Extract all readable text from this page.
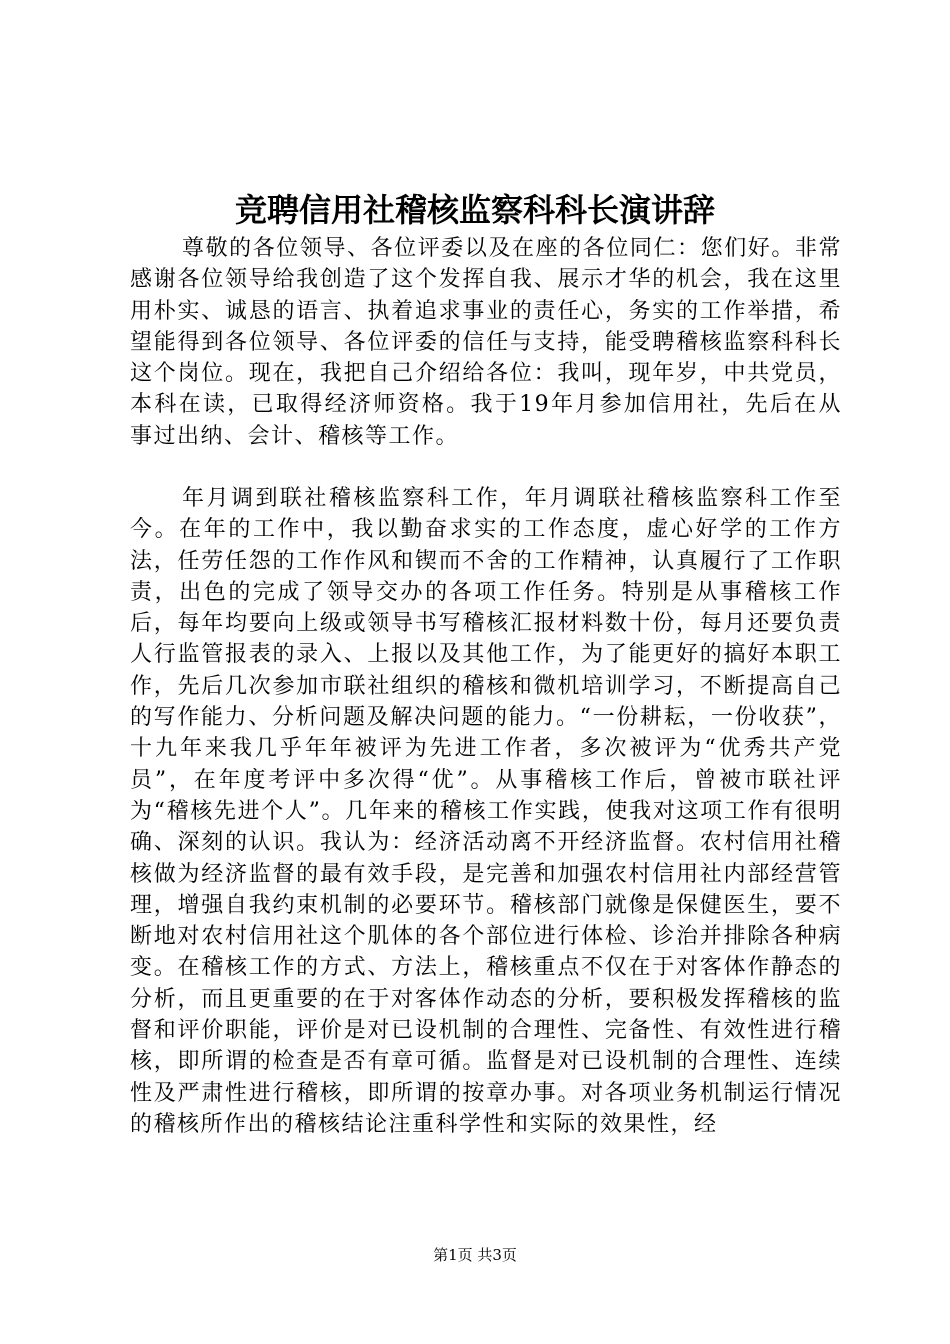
竞聘信用社稽核监察科科长演讲辞

尊敬的各位领导、各位评委以及在座的各位同仁：您们好。非常感谢各位领导给我创造了这个发挥自我、展示才华的机会，我在这里用朴实、诚恳的语言、执着追求事业的责任心，务实的工作举措，希望能得到各位领导、各位评委的信任与支持，能受聘稽核监察科科长这个岗位。现在，我把自己介绍给各位：我叫，现年岁，中共党员，本科在读，已取得经济师资格。我于19年月参加信用社，先后在从事过出纳、会计、稽核等工作。

年月调到联社稽核监察科工作，年月调联社稽核监察科工作至今。在年的工作中，我以勤奋求实的工作态度，虚心好学的工作方法，任劳任怨的工作作风和锲而不舍的工作精神，认真履行了工作职责，出色的完成了领导交办的各项工作任务。特别是从事稽核工作后，每年均要向上级或领导书写稽核汇报材料数十份，每月还要负责人行监管报表的录入、上报以及其他工作，为了能更好的搞好本职工作，先后几次参加市联社组织的稽核和微机培训学习，不断提高自己的写作能力、分析问题及解决问题的能力。“一份耕耘，一份收获”，十九年来我几乎年年被评为先进工作者，多次被评为“优秀共产党员”，在年度考评中多次得“优”。从事稽核工作后，曾被市联社评为“稽核先进个人”。几年来的稽核工作实践，使我对这项工作有很明确、深刻的认识。我认为：经济活动离不开经济监督。农村信用社稽核做为经济监督的最有效手段，是完善和加强农村信用社内部经营管理，增强自我约束机制的必要环节。稽核部门就像是保健医生，要不断地对农村信用社这个肌体的各个部位进行体检、诊治并排除各种病变。在稽核工作的方式、方法上，稽核重点不仅在于对客体作静态的分析，而且更重要的在于对客体作动态的分析，要积极发挥稽核的监督和评价职能，评价是对已设机制的合理性、完备性、有效性进行稽核，即所谓的检查是否有章可循。监督是对已设机制的合理性、连续性及严肃性进行稽核，即所谓的按章办事。对各项业务机制运行情况的稽核所作出的稽核结论注重科学性和实际的效果性，经

第1页 共3页
